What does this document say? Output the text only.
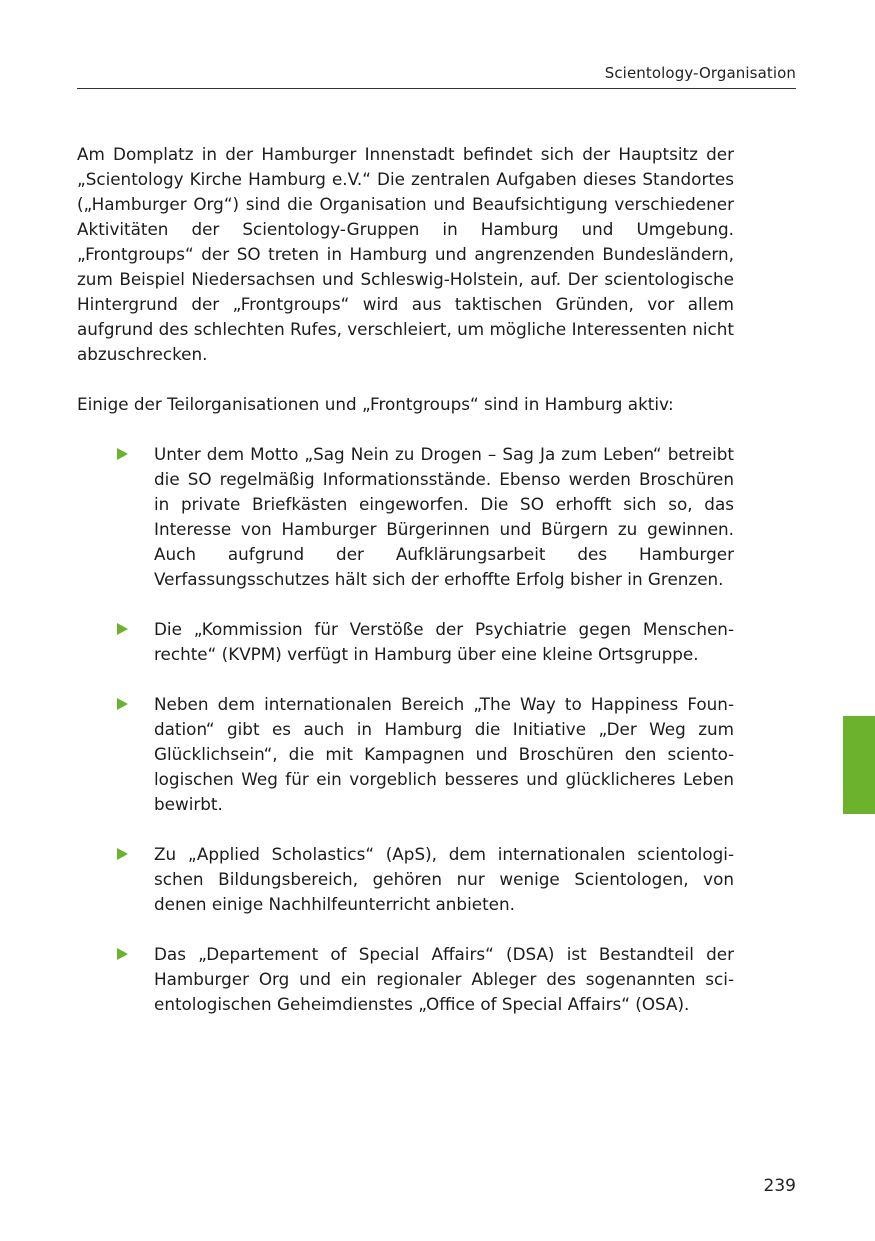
Scientology-Organisation

Am Domplatz in der Hamburger Innenstadt befindet sich der Hauptsitz der „Scientology Kirche Hamburg e.V.“ Die zentralen Aufgaben dieses Standortes („Hamburger Org“) sind die Organisation und Beaufsichtigung verschiedener Aktivitäten der Scientology-Gruppen in Hamburg und Umgebung. „Frontgroups“ der SO treten in Hamburg und angrenzenden Bundesländern, zum Beispiel Niedersachsen und Schleswig-Holstein, auf. Der scientologische Hintergrund der „Frontgroups“ wird aus taktischen Gründen, vor allem aufgrund des schlechten Rufes, verschleiert, um mögliche Interessenten nicht abzuschrecken.

Einige der Teilorganisationen und „Frontgroups“ sind in Hamburg aktiv:

Unter dem Motto „Sag Nein zu Drogen – Sag Ja zum Leben“ betreibt die SO regelmäßig Informationsstände. Ebenso werden Broschüren in private Briefkästen eingeworfen. Die SO erhofft sich so, das Interesse von Hamburger Bürgerinnen und Bürgern zu gewinnen. Auch aufgrund der Aufklärungsarbeit des Hamburger Verfassungsschutzes hält sich der erhoffte Erfolg bisher in Grenzen.
Die „Kommission für Verstöße der Psychiatrie gegen Menschenrechte“ (KVPM) verfügt in Hamburg über eine kleine Ortsgruppe.
Neben dem internationalen Bereich „The Way to Happiness Foundation“ gibt es auch in Hamburg die Initiative „Der Weg zum Glücklichsein“, die mit Kampagnen und Broschüren den scientologischen Weg für ein vorgeblich besseres und glücklicheres Leben bewirbt.
Zu „Applied Scholastics“ (ApS), dem internationalen scientologischen Bildungsbereich, gehören nur wenige Scientologen, von denen einige Nachhilfeunterricht anbieten.
Das „Departement of Special Affairs“ (DSA) ist Bestandteil der Hamburger Org und ein regionaler Ableger des sogenannten scientologischen Geheimdienstes „Office of Special Affairs“ (OSA).
239
